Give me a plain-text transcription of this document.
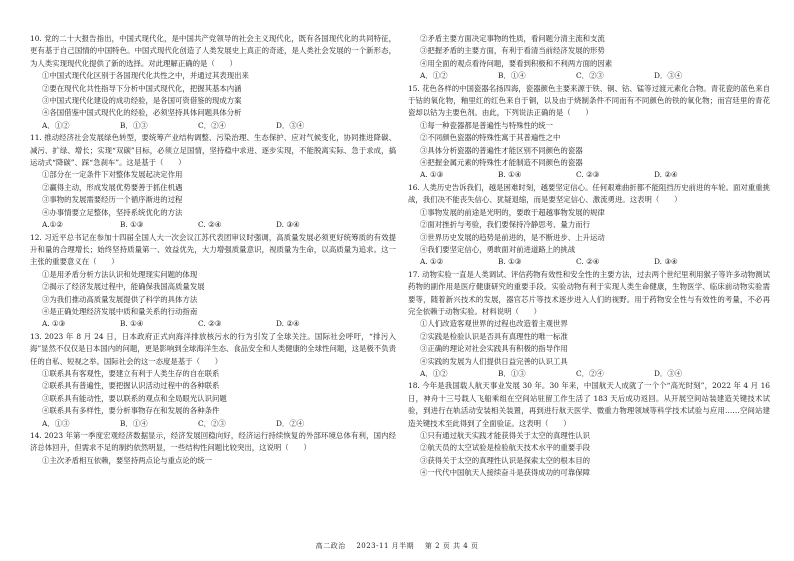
10. 党的二十大报告指出，中国式现代化，是中国共产党领导的社会主义现代化，既有各国现代化的共同特征，更有基于自己国情的中国特色。中国式现代化创造了人类发展史上真正的奇迹，是人类社会发展的一个新形态，为人类实现现代化提供了新的选择。对此理解正确的是（　　）

①中国式现代化区别于各国现代化共性之中，并通过其表现出来

②要在现代化共性指导下分析中国式现代化，把握其基本内涵

③中国式现代化建设的成功经验，是各国可资借鉴的现成方案

④各国借鉴中国式现代化的经验，必须坚持具体问题具体分析

A．①②	B．①③	C．②④	D．③④

11. 推动经济社会发展绿色转型，要统筹产业结构调整、污染治理、生态保护、应对气候变化，协同推进降碳、减污、扩绿、增长；实现“双碳”目标，必须立足国情，坚持稳中求进、逐步实现，不能脱离实际、急于求成，搞运动式“降碳”、踩“急刹车”。这是基于（　　）

①部分在一定条件下对整体发展起决定作用

②赢得主动，形成发展优势要善于抓住机遇

③事物的发展需要经历一个循序渐进的过程

④办事情要立足整体，坚持系统优化的方法

A.①②	B. ①③	C. ②④	D. ③④

12. 习近平总书记在参加十四届全国人大一次会议江苏代表团审议时强调，高质量发展必须更好统筹质的有效提升和量的合理增长；始终坚持质量第一、效益优先，大力增强质量意识，视质量为生命，以高质量为追求。这一主张的重要意义在（　　）

①是用矛盾分析方法认识和处理现实问题的体现

②揭示了经济发展过程中，能确保我国高质量发展

③为我们推动高质量发展提供了科学的具体方法

④是正确处理经济发展中质和量关系的行动指南

A. ①③	B. ①④	C. ②③	D. ②④

13. 2023 年 8 月 24 日，日本政府正式向海洋排放核污水的行为引发了全球关注。国际社会呼吁，“排污入海”显然不仅仅是日本国内的问题，更是影响到全球海洋生态、食品安全和人类健康的全球性问题，这是极不负责任的自私、短视之举。国际社会的这一态度是基于（　　）

①联系具有客观性，要建立有利于人类生存的自在联系

②联系具有普遍性，要把握认识活动过程中的各种联系

③联系具有能动性，要以联系的观点和全局眼光认识问题

④联系具有多样性，要分析事物存在和发展的各种条件

A．①③	B．①④	C．②③	D．②④

14. 2023 年第一季度宏观经济数据显示，经济发展回稳向好，经济运行持续恢复的外部环境总体有利，国内经济总体回升，但需求不足的制约依然明显，一些结构性问题比较突出，这说明（　　）

①主次矛盾相互依赖，要坚持两点论与重点论的统一

②矛盾主要方面决定事物的性质，看问题分清主流和支流

③把握矛盾的主要方面，有利于看清当前经济发展的形势

④用全面的观点看待问题，要看到积极和不利两方面的因素

A．①②	B．①④	C．②③	D．③④

15. 花色各样的中国瓷器名扬四海，瓷器颜色主要来源于铁、铜、钴、锰等过渡元素化合物。青花瓷的蓝色来自于钴的氧化物，釉里红的红色来自于铜，以及由于烧制条件不同而有不同颜色的铁的氧化物；而宫廷里的青花瓷却以钴为主要色剂。由此，下列说法正确的是（　　）

①每一种瓷器都是普遍性与特殊性的统一

②不同颜色瓷器的特殊性寓于其普遍性之中

③具体分析瓷器的普遍性才能区别不同颜色的瓷器

④把握金属元素的特殊性才能制造不同颜色的瓷器

A. ①③	B. ①④	C. ②③	D. ②④

16. 人类历史告诉我们，越是困难时刻，越要坚定信心。任何艰难曲折都不能阻挡历史前进的车轮。面对重重挑战，我们决不能丧失信心、犹疑退缩，而是要坚定信心、激流勇进。这表明（　　）

①事物发展的前途是光明的，要敢于超越事物发展的规律

②面对挫折与考验，我们要保持冷静思考、量力而行

③世界历史发展的趋势是前进的，是不断进步、上升运动

④我们要坚定信心，勇敢面对前进道路上的挑战

A. ①②	B. ①③	C. ②④	D. ③④

17. 动物实验一直是人类调试、评估药物有效性和安全性的主要方法，过去两个世纪里利用猴子等许多动物测试药物的副作用是医疗健康研究的重要手段。实验动物有利于实现人类生命健康，生物医学、临床前动物实验需要等，随着新兴技术的发展，器官芯片等技术逐步进入人们的视野。用于药物安全性与有效性的考量，不必再完全依赖于动物实验。材料说明（　　）

①人们改造客观世界的过程也改造着主观世界

②实践是检验认识是否具有真理性的唯一标准

③正确的理论对社会实践具有积极的指导作用

④实践的发展为人们提供日益完善的认识工具

A．①②	B．①③	C．②④	D．③④

18. 今年是我国载人航天事业发展 30 年。30 年来，中国航天人成就了一个个“高光时刻”，2022 年 4 月 16 日，神舟十三号载人飞船乘组在空间站驻留工作生活了 183 天后成功返回。从开展空间站装建造关键技术试验，到进行在轨活动安装相关装置，再到进行航天医学、微重力物理领域等科学技术试验与应用……空间站建造关键技术至此得到了全面验证。这表明（　　）

①只有通过航天实践才能获得关于太空的真理性认识

②航天员的太空试验是检验航天技术水平的重要手段

③获得关于太空的真理性认识是探索太空的根本目的

④一代代中国航天人接续奋斗是获得成功的可靠保障

高二政治 2023-11 月半期 第 2 页 共 4 页
